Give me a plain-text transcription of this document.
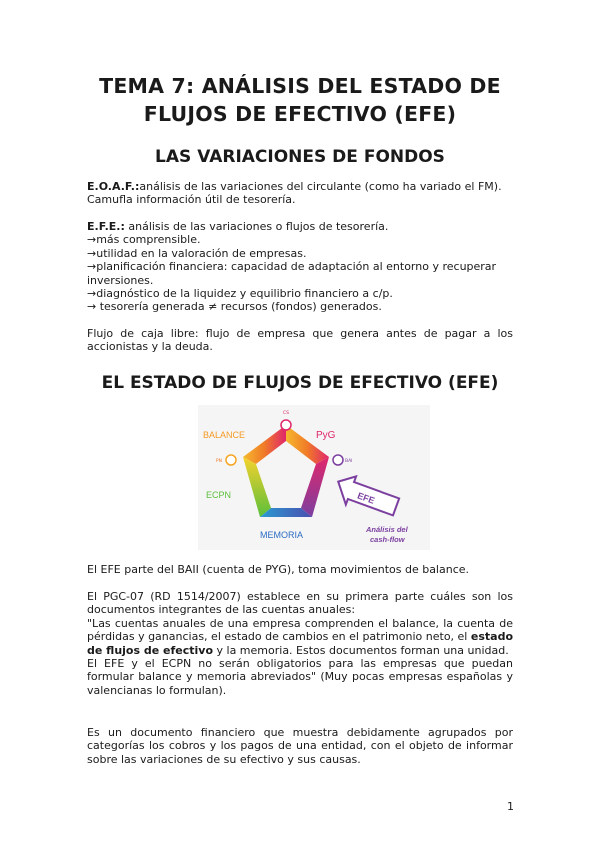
TEMA 7: ANÁLISIS DEL ESTADO DE
FLUJOS DE EFECTIVO (EFE)
LAS VARIACIONES DE FONDOS

E.O.A.F.:análisis de las variaciones del circulante (como ha variado el FM). Camufla información útil de tesorería.

E.F.E.: análisis de las variaciones o flujos de tesorería.

→más comprensible.

→utilidad en la valoración de empresas.

→planificación financiera: capacidad de adaptación al entorno y recuperar inversiones.

→diagnóstico de la liquidez y equilibrio financiero a c/p.

→ tesorería generada ≠ recursos (fondos) generados.

Flujo de caja libre: flujo de empresa que genera antes de pagar a los accionistas y la deuda.

EL ESTADO DE FLUJOS DE EFECTIVO (EFE)
CS
PN	BAI
BALANCE	PyG
ECPN
MEMORIA
EFE
Análisis del
cash-flow

El EFE parte del BAII (cuenta de PYG), toma movimientos de balance.

El PGC-07 (RD 1514/2007) establece en su primera parte cuáles son los documentos integrantes de las cuentas anuales:

"Las cuentas anuales de una empresa comprenden el balance, la cuenta de pérdidas y ganancias, el estado de cambios en el patrimonio neto, el estado de flujos de efectivo y la memoria. Estos documentos forman una unidad.

El EFE y el ECPN no serán obligatorios para las empresas que puedan formular balance y memoria abreviados" (Muy pocas empresas españolas y valencianas lo formulan).

Es un documento financiero que muestra debidamente agrupados por categorías los cobros y los pagos de una entidad, con el objeto de informar sobre las variaciones de su efectivo y sus causas.

1
